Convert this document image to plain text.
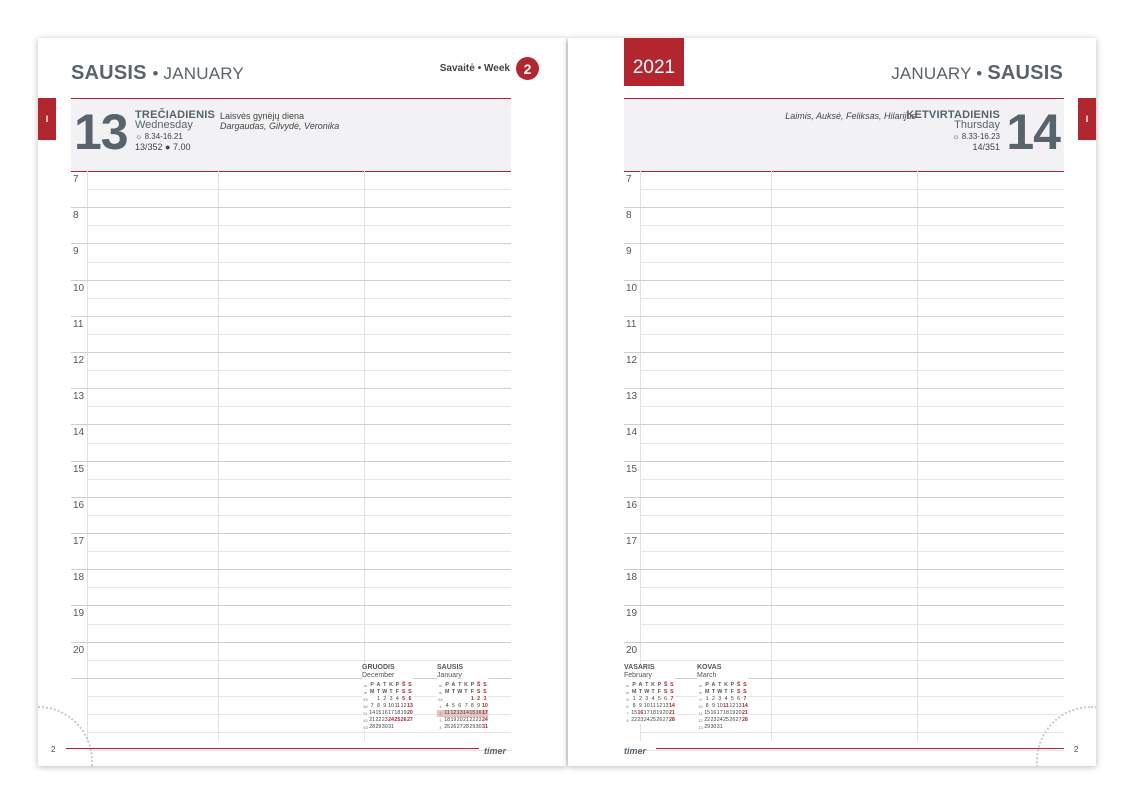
SAUSIS • JANUARY	Savaitė • Week 2
I 13 TREČIADIENIS
Wednesday
☼ 8.34-16.21
13/352 ● 7.00
Laisvės gynėjų diena
Dargaudas, Gilvydė, Veronika
7
8
9
10
11
12
13
14
15
16
17
18
19
20
GRUODIS
December
w	P	A	T	K	P	Š	S
w	M	T	W	T	F	S	S
49		1	2	3	4	5	6
50	7	8	9	10	11	12	13
51	14	15	16	17	18	19	20
52	21	22	23	24	25	26	27
53	28	29	30	31			
SAUSIS
January
w	P	A	T	K	P	Š	S
w	M	T	W	T	F	S	S
53					1	2	3
1	4	5	6	7	8	9	10
2	11	12	13	14	15	16	17
3	18	19	20	21	22	23	24
4	25	26	27	28	29	30	31
2	timer
2021	JANUARY • SAUSIS
I
Laimis, Auksė, Feliksas, Hilarijus
KETVIRTADIENIS
Thursday
☼ 8.33-16.23
14/351 14
7
8
9
10
11
12
13
14
15
16
17
18
19
20
VASARIS
February
w	P	A	T	K	P	Š	S
w	M	T	W	T	F	S	S
5	1	2	3	4	5	6	7
6	8	9	10	11	12	13	14
7	15	16	17	18	19	20	21
8	22	23	24	25	26	27	28
KOVAS
March
w	P	A	T	K	P	Š	S
w	M	T	W	T	F	S	S
9	1	2	3	4	5	6	7
10	8	9	10	11	12	13	14
11	15	16	17	18	19	20	21
12	22	23	24	25	26	27	28
13	29	30	31				
timer	2
